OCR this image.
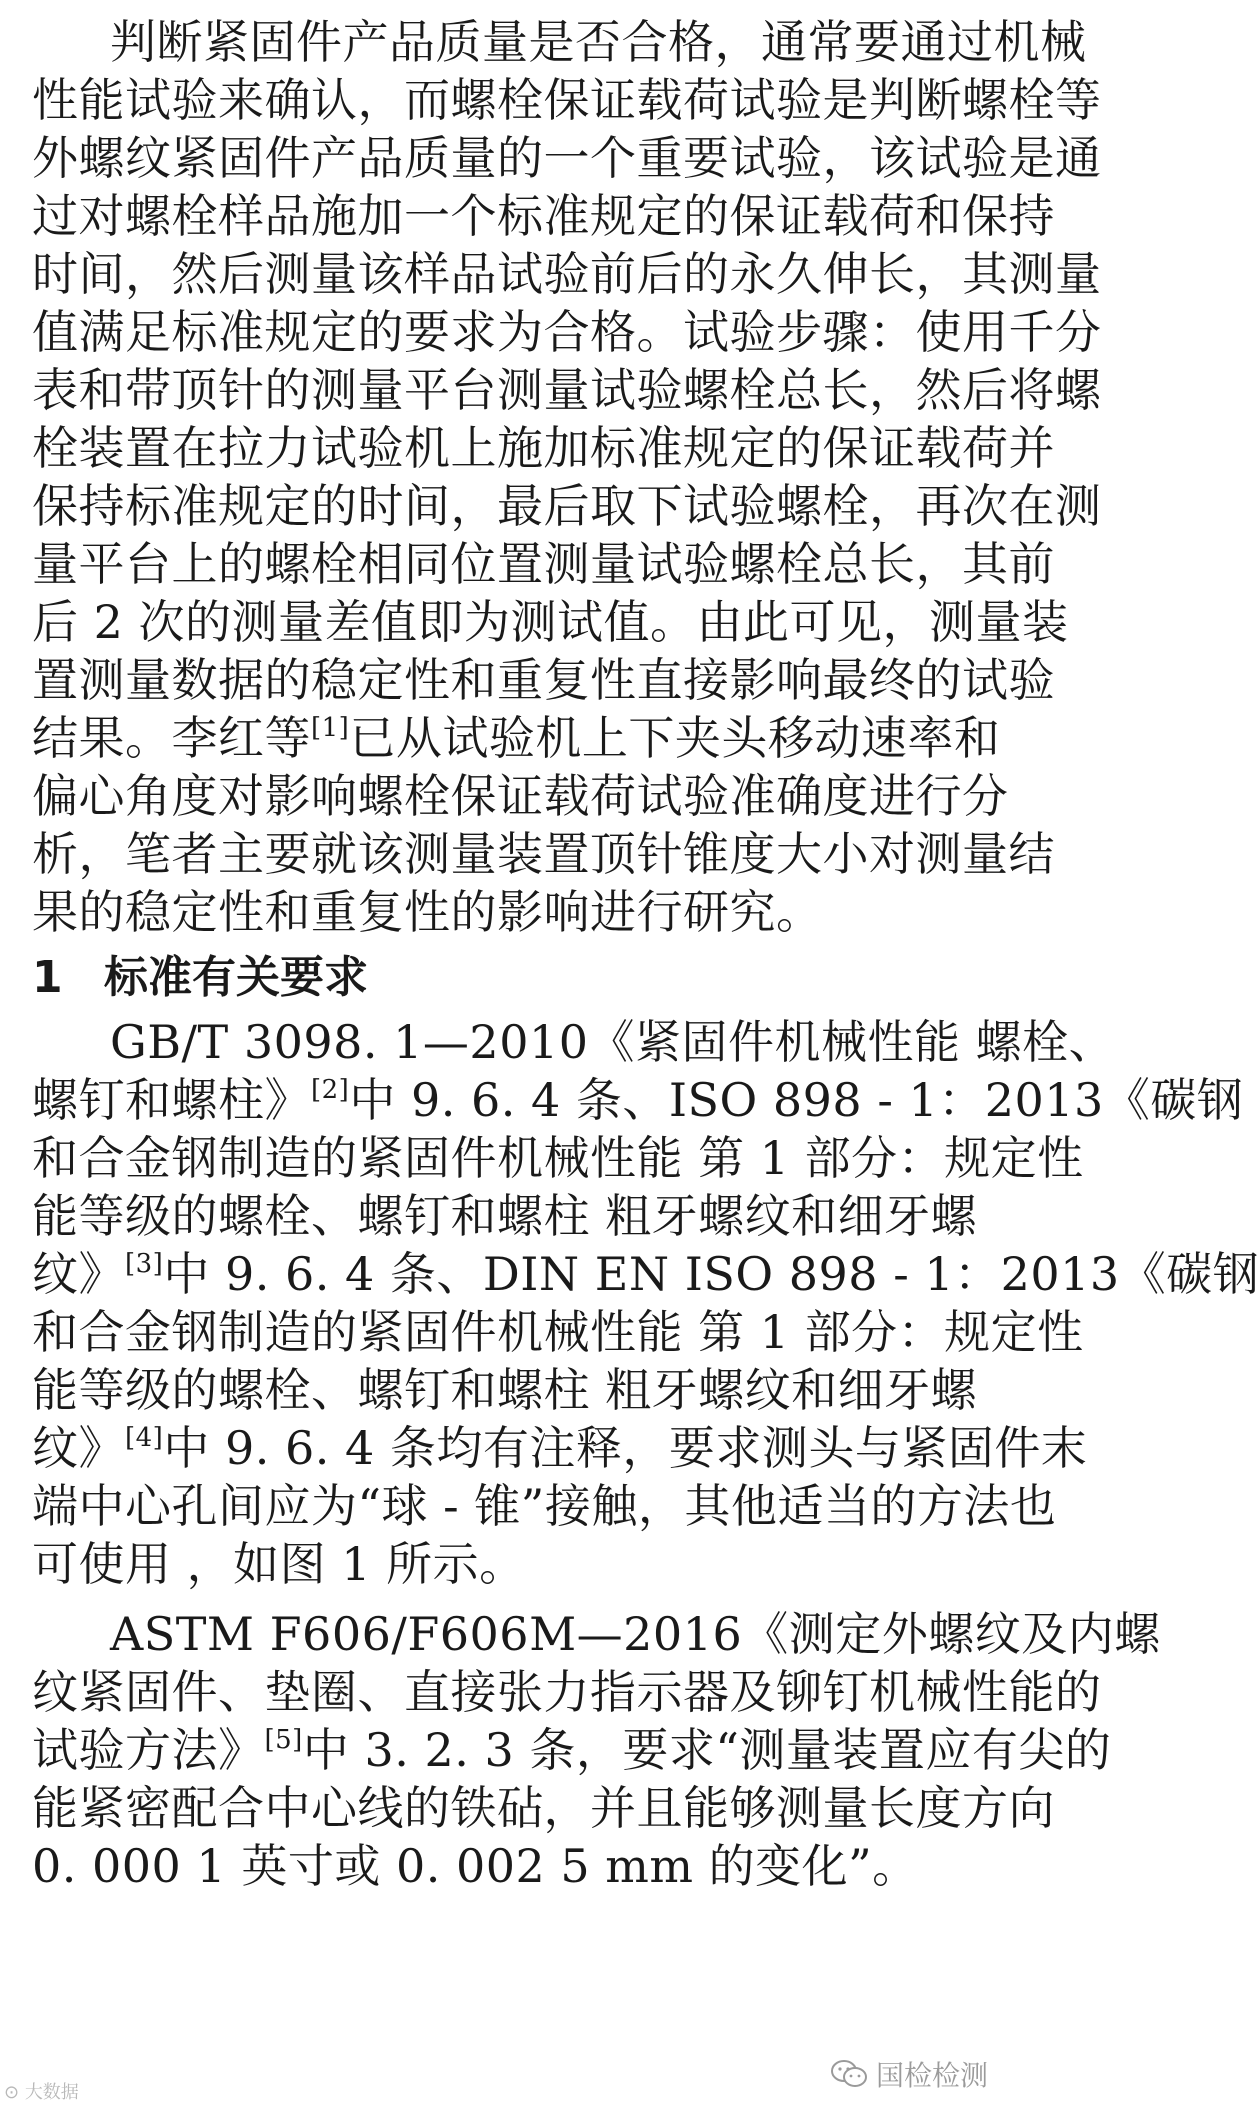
判断紧固件产品质量是否合格，通常要通过机械
性能试验来确认，而螺栓保证载荷试验是判断螺栓等
外螺纹紧固件产品质量的一个重要试验，该试验是通
过对螺栓样品施加一个标准规定的保证载荷和保持
时间，然后测量该样品试验前后的永久伸长，其测量
值满足标准规定的要求为合格。试验步骤：使用千分
表和带顶针的测量平台测量试验螺栓总长，然后将螺
栓装置在拉力试验机上施加标准规定的保证载荷并
保持标准规定的时间，最后取下试验螺栓，再次在测
量平台上的螺栓相同位置测量试验螺栓总长，其前
后 2 次的测量差值即为测试值。由此可见，测量装
置测量数据的稳定性和重复性直接影响最终的试验
结果。李红等[1]已从试验机上下夹头移动速率和
偏心角度对影响螺栓保证载荷试验准确度进行分
析，笔者主要就该测量装置顶针锥度大小对测量结
果的稳定性和重复性的影响进行研究。
1 标准有关要求
GB/T 3098. 1—2010《紧固件机械性能 螺栓、
螺钉和螺柱》[2]中 9. 6. 4 条、ISO 898 - 1：2013《碳钢
和合金钢制造的紧固件机械性能 第 1 部分：规定性
能等级的螺栓、螺钉和螺柱 粗牙螺纹和细牙螺
纹》[3]中 9. 6. 4 条、DIN EN ISO 898 - 1：2013《碳钢
和合金钢制造的紧固件机械性能 第 1 部分：规定性
能等级的螺栓、螺钉和螺柱 粗牙螺纹和细牙螺
纹》[4]中 9. 6. 4 条均有注释，要求测头与紧固件末
端中心孔间应为“球 - 锥”接触，其他适当的方法也
可使用 ，如图 1 所示。
ASTM F606/F606M—2016《测定外螺纹及内螺
纹紧固件、垫圈、直接张力指示器及铆钉机械性能的
试验方法》[5]中 3. 2. 3 条，要求“测量装置应有尖的
能紧密配合中心线的铁砧，并且能够测量长度方向
0. 000 1 英寸或 0. 002 5 mm 的变化”。
⊙ 大数据
国检检测
